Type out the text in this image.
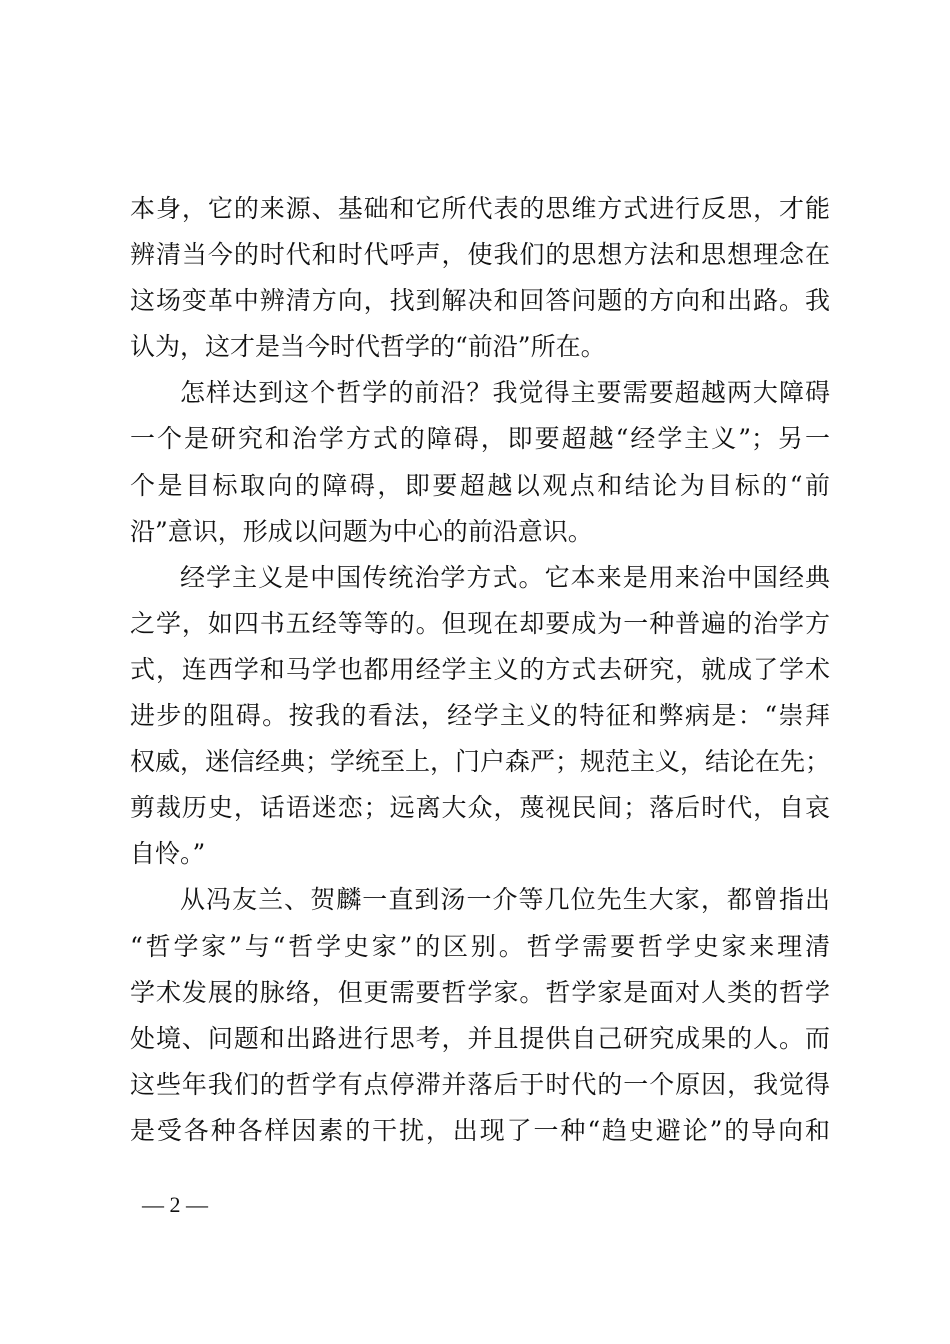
本身，它的来源、基础和它所代表的思维方式进行反思，才能
辨清当今的时代和时代呼声，使我们的思想方法和思想理念在
这场变革中辨清方向，找到解决和回答问题的方向和出路。我
认为，这才是当今时代哲学的“前沿”所在。
怎样达到这个哲学的前沿？我觉得主要需要超越两大障碍
一个是研究和治学方式的障碍，即要超越“经学主义”；另一
个是目标取向的障碍，即要超越以观点和结论为目标的“前
沿”意识，形成以问题为中心的前沿意识。
经学主义是中国传统治学方式。它本来是用来治中国经典
之学，如四书五经等等的。但现在却要成为一种普遍的治学方
式，连西学和马学也都用经学主义的方式去研究，就成了学术
进步的阻碍。按我的看法，经学主义的特征和弊病是：“崇拜
权威，迷信经典；学统至上，门户森严；规范主义，结论在先；
剪裁历史，话语迷恋；远离大众，蔑视民间；落后时代，自哀
自怜。”
从冯友兰、贺麟一直到汤一介等几位先生大家，都曾指出
“哲学家”与“哲学史家”的区别。哲学需要哲学史家来理清
学术发展的脉络，但更需要哲学家。哲学家是面对人类的哲学
处境、问题和出路进行思考，并且提供自己研究成果的人。而
这些年我们的哲学有点停滞并落后于时代的一个原因，我觉得
是受各种各样因素的干扰，出现了一种“趋史避论”的导向和
— 2 —
